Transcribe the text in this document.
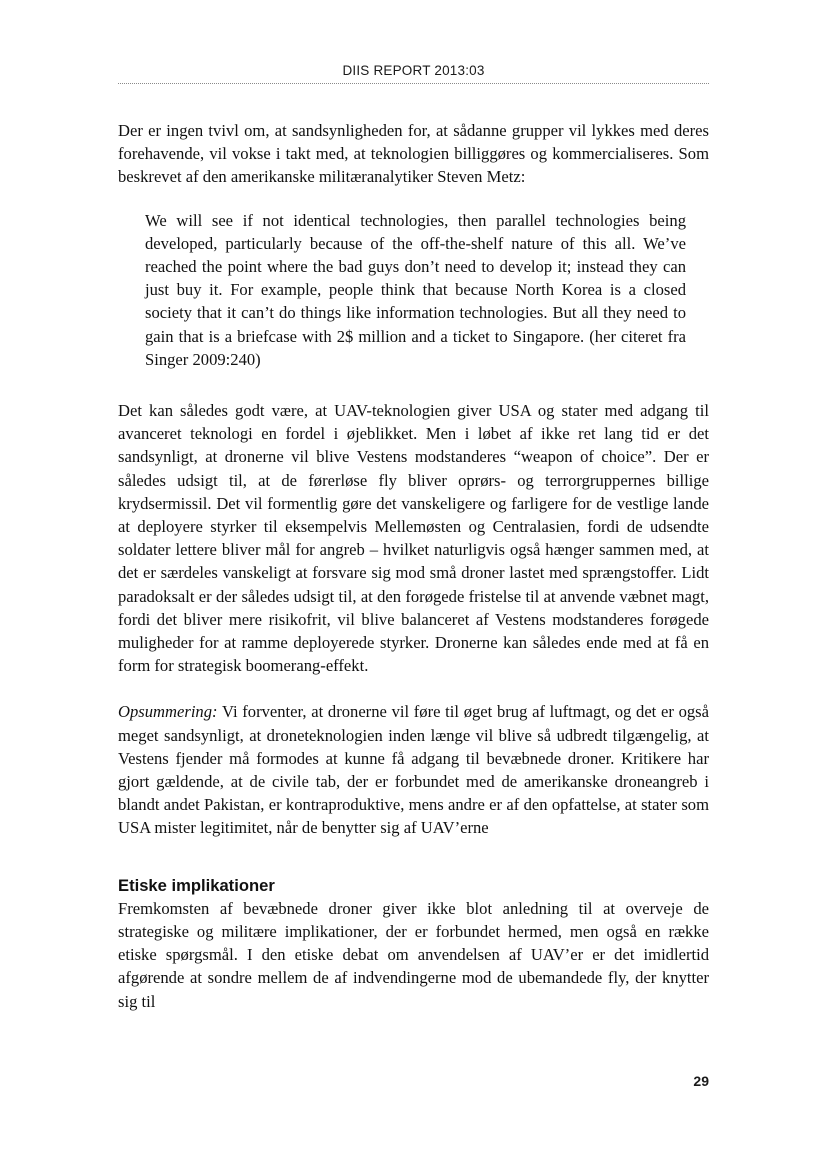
DIIS REPORT 2013:03

Der er ingen tvivl om, at sandsynligheden for, at sådanne grupper vil lykkes med deres forehavende, vil vokse i takt med, at teknologien billiggøres og kommercialiseres. Som beskrevet af den amerikanske militæranalytiker Steven Metz:

We will see if not identical technologies, then parallel technologies being developed, particularly because of the off-the-shelf nature of this all. We’ve reached the point where the bad guys don’t need to develop it; instead they can just buy it. For example, people think that because North Korea is a closed society that it can’t do things like information technologies. But all they need to gain that is a briefcase with 2$ million and a ticket to Singapore. (her citeret fra Singer 2009:240)

Det kan således godt være, at UAV-teknologien giver USA og stater med adgang til avanceret teknologi en fordel i øjeblikket. Men i løbet af ikke ret lang tid er det sandsynligt, at dronerne vil blive Vestens modstanderes “weapon of choice”. Der er således udsigt til, at de førerløse fly bliver oprørs- og terrorgruppernes billige krydsermissil. Det vil formentlig gøre det vanskeligere og farligere for de vestlige lande at deployere styrker til eksempelvis Mellemøsten og Centralasien, fordi de udsendte soldater lettere bliver mål for angreb – hvilket naturligvis også hænger sammen med, at det er særdeles vanskeligt at forsvare sig mod små droner lastet med sprængstoffer. Lidt paradoksalt er der således udsigt til, at den forøgede fristelse til at anvende væbnet magt, fordi det bliver mere risikofrit, vil blive balanceret af Vestens modstanderes forøgede muligheder for at ramme deployerede styrker. Dronerne kan således ende med at få en form for strategisk boomerang-effekt.

Opsummering: Vi forventer, at dronerne vil føre til øget brug af luftmagt, og det er også meget sandsynligt, at droneteknologien inden længe vil blive så udbredt tilgængelig, at Vestens fjender må formodes at kunne få adgang til bevæbnede droner. Kritikere har gjort gældende, at de civile tab, der er forbundet med de amerikanske droneangreb i blandt andet Pakistan, er kontraproduktive, mens andre er af den opfattelse, at stater som USA mister legitimitet, når de benytter sig af UAV’erne

Etiske implikationer

Fremkomsten af bevæbnede droner giver ikke blot anledning til at overveje de strategiske og militære implikationer, der er forbundet hermed, men også en række etiske spørgsmål. I den etiske debat om anvendelsen af UAV’er er det imidlertid afgørende at sondre mellem de af indvendingerne mod de ubemandede fly, der knytter sig til

29
